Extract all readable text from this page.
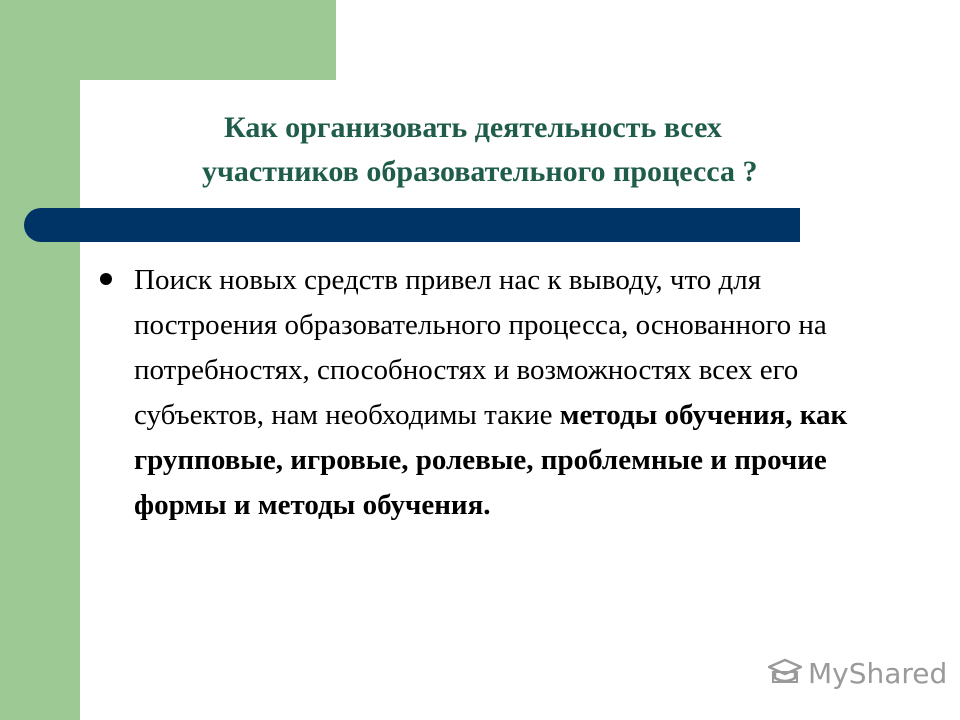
Как организовать деятельность всех
участников образовательного процесса ?

Поиск новых средств привел нас к выводу, что для построения образовательного процесса, основанного на потребностях, способностях и возможностях всех его субъектов, нам необходимы такие методы обучения, как групповые, игровые, ролевые, проблемные и прочие формы и методы обучения.

MyShared
